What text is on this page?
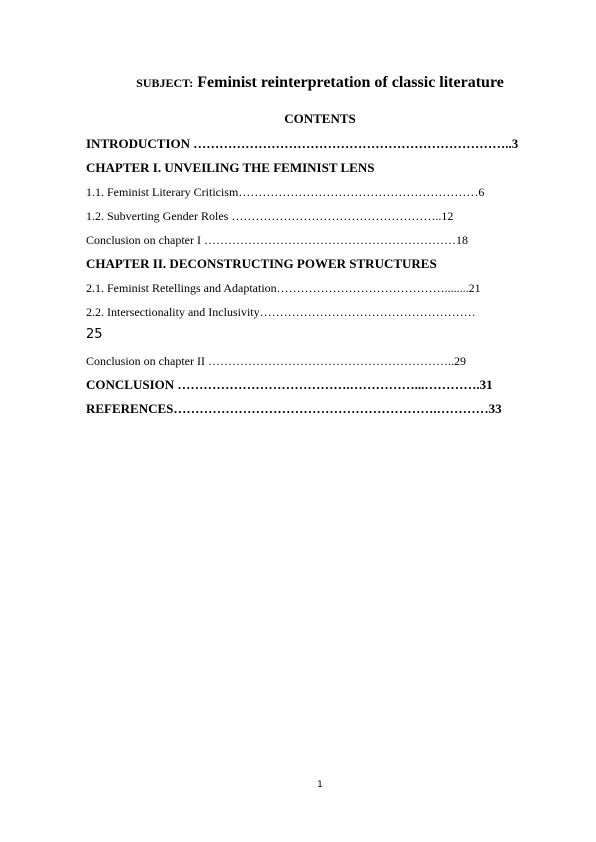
SUBJECT: Feminist reinterpretation of classic literature
CONTENTS
INTRODUCTION ………………………………………………………………..3
CHAPTER I. UNVEILING THE FEMINIST LENS
1.1. Feminist Literary Criticism……………………………………………………6
1.2. Subverting Gender Roles ……………………………………………..12
Conclusion on chapter I ………………………………………………………18
CHAPTER II. DECONSTRUCTING POWER STRUCTURES
2.1. Feminist Retellings and Adaptation……………………………………........21
2.2. Intersectionality and Inclusivity………………………………………………
25
Conclusion on chapter II ……………………………………………………..29
CONCLUSION ………………………………….……………...………….31
REFERENCES…………………………………………………….…………33
1
